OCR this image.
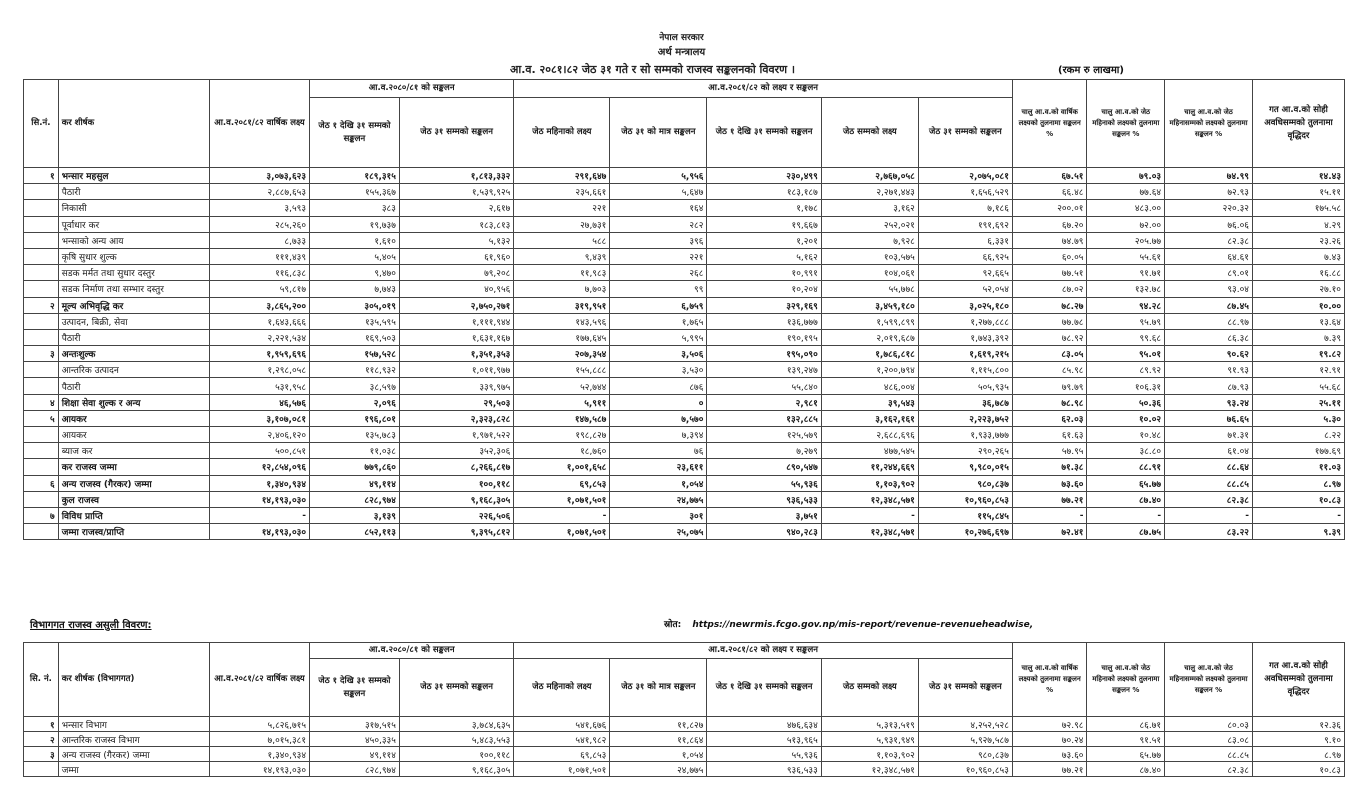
नेपाल सरकार
अर्थ मन्त्रालय
आ.व. २०८१।८२ जेठ ३१ गते र सो सम्मको राजस्व सङ्कलनको विवरण ।	(रकम रु लाखमा)
सि.नं.	कर शीर्षक	आ.व.२०८१/८२ वार्षिक लक्ष्य	आ.व.२०८०/८१ को सङ्कलन		आ.व.२०८१/८२ को लक्ष्य र सङ्कलन					चालु आ.व.को वार्षिक लक्ष्यको तुलनामा सङ्कलन %	चालु आ.व.को जेठ महिनाको लक्ष्यको तुलनामा सङ्कलन %	चालु आ.व.को जेठ महिनासम्मको लक्ष्यको तुलनामा सङ्कलन %	गत आ.व.को सोही अवधिसम्मको तुलनामा वृद्धिदर
			जेठ १ देखि ३१ सम्मको सङ्कलन	जेठ ३१ सम्मको सङ्कलन	जेठ महिनाको लक्ष्य	जेठ ३१ को मात्र सङ्कलन	जेठ १ देखि ३१ सम्मको सङ्कलन	जेठ सम्मको लक्ष्य	जेठ ३१ सम्मको सङ्कलन				
१	भन्सार महसुल	३,०७३,६२३	१८९,३१५	१,८१३,३३२	२९१,६४७	५,९५६	२३०,४९९	२,७६७,०५८	२,०७५,०८१	६७.५१	७९.०३	७४.९९	१४.४३
	पैठारी	२,८८७,६५३	१५५,३६७	१,५३९,९२५	२३५,६६१	५,६४७	१८३,१८७	२,२७१,४४३	१,६५६,५२९	६६.४८	७७.६४	७२.९३	१५.११
	निकासी	३,५९३	३८३	२,६१७	२२१	१६४	१,१७८	३,१६२	७,१८६	२००.०१	४८३.००	२२०.३२	१७५.५८
	पूर्वाधार कर	२८५,२६०	१९,७३७	१८३,८१३	२७,७३१	२८२	१९,६६७	२५२,०२१	१९१,६९२	६७.२०	७२.००	७६.०६	४.२९
	भन्साको अन्य आय	८,७३३	१,६१०	५,१३२	५८८	३९६	१,२०१	७,९२८	६,३३१	७४.७९	२०५.७७	८२.३८	२३.२६
	कृषि सुधार शुल्क	१११,४३९	५,४०५	६१,९६०	९,४३९	२२१	५,१६२	१०३,५७५	६६,९२५	६०.०५	५५.६१	६४.६१	७.४३
	सडक मर्मत तथा सुधार दस्तुर	११६,८३८	९,४७०	७९,२०८	११,९८३	२६८	१०,९९१	१०४,०६१	९२,६६५	७७.५१	९१.७१	८९.०१	१६.८८
	सडक निर्माण तथा सम्भार दस्तुर	५९,८१७	७,७४३	४०,९५६	७,७०३	९९	१०,२०४	५५,७७८	५२,०५४	८७.०२	१३२.७८	९३.०४	२७.१०
२	मूल्य अभिवृद्धि कर	३,८६५,२००	३०५,०१९	२,७५०,२७१	३१९,९५१	६,७५९	३२९,१६९	३,४५९,१८०	३,०२५,१८०	७८.२७	९४.२८	८७.४५	१०.००
	उत्पादन, बिक्री, सेवा	१,६४३,६६६	१३५,५९५	१,१११,९४४	१४३,५९६	१,७६५	१३६,७७७	१,५९९,८९९	१,२७७,८८८	७७.७८	९५.७९	८८.९७	१३.६४
	पैठारी	२,२२१,५३४	१६९,५०३	१,६३१,१६७	१७७,६४५	५,९९५	१९०,१९५	२,०१९,६८७	१,७४३,३९२	७८.९२	९९.६८	८६.३८	७.३९
३	अन्तःशुल्क	१,९५९,६९६	१५७,५२८	१,३५१,३५३	२०७,३५४	३,५०६	१९५,०९०	१,७८६,८१८	१,६१९,२१५	८३.०५	९५.०१	९०.६२	१९.८२
	आन्तरिक उत्पादन	१,२९८,०५८	११८,९३२	१,०११,९७७	१५५,८८८	३,५३०	१३९,२४७	१,२००,७९४	१,११५,८००	८५.९८	८९.९२	९१.९३	१२.९१
	पैठारी	५३१,९५८	३८,५९७	३३९,९७५	५२,७४४	८७६	५५,८४०	४८६,००४	५०५,९३५	७९.७९	१०६.३१	८७.९३	५५.६८
४	शिक्षा सेवा शुल्क र अन्य	४६,५७६	२,०९६	२९,५०३	५,९११	०	२,९८१	३९,५४३	३६,७८७	७८.९८	५०.३६	९३.२४	२५.११
५	आयकर	३,१०७,०८१	१९६,८०१	२,३२३,८२८	१४७,५८७	७,५७०	१३२,८८५	३,१६२,१६१	२,२२३,७५२	६२.०३	१०.०२	७६.६५	५.३०
	आयकर	२,४०६,१२०	१३५,७८३	१,९७१,५२२	१९८,८२७	७,३९४	१२५,५७९	२,६८८,६९६	१,९३३,७७७	६१.६३	१०.४८	७१.३१	८.२२
	ब्याज कर	५००,८५१	११,०३८	३५२,३०६	१८,७६०	७६	७,२७९	४७७,५४५	२९०,२६५	५७.९५	३८.८०	६१.०४	१७७.६९
	कर राजस्व जम्मा	१२,८५४,०९६	७७९,८६०	८,२६६,८१७	१,००१,६५८	२३,६११	८९०,५४७	११,२४४,६६९	९,९८०,०१५	७१.३८	८८.९१	८८.६४	११.०३
६	अन्य राजस्व (गैरकर) जम्मा	१,३४०,९३४	४९,११४	१००,११८	६९,८५३	१,०५४	५५,९३६	१,१०३,९०२	९८०,८३७	७३.६०	६५.७७	८८.८५	८.९७
	कुल राजस्व	१४,१९३,०३०	८२८,९७४	९,१६८,३०५	१,०७१,५०१	२४,७७५	९३६,५३३	१२,३४८,५७१	१०,९६०,८५३	७७.२१	८७.४०	८२.३८	१०.८३
७	विविध प्राप्ति	-	३,१३९	२२६,५०६	-	३०१	३,७५१	-	११५,८४५	-	-	-	-
	जम्मा राजस्व/प्राप्ति	१४,१९३,०३०	८५२,११३	९,३९५,८१२	१,०७१,५०१	२५,०७५	९४०,२८३	१२,३४८,५७१	१०,२७६,६९७	७२.४१	८७.७५	८३.२२	९.३९
विभागगत राजस्व असुली विवरण:	स्रोत: https://newrmis.fcgo.gov.np/mis-report/revenue-revenueheadwise,
सि. नं.	कर शीर्षक (विभागगत)	आ.व.२०८१/८२ वार्षिक लक्ष्य	आ.व.२०८०/८१ को सङ्कलन		आ.व.२०८१/८२ को लक्ष्य र सङ्कलन					चालु आ.व.को वार्षिक लक्ष्यको तुलनामा सङ्कलन %	चालु आ.व.को जेठ महिनाको लक्ष्यको तुलनामा सङ्कलन %	चालु आ.व.को जेठ महिनासम्मको लक्ष्यको तुलनामा सङ्कलन %	गत आ.व.को सोही अवधिसम्मको तुलनामा वृद्धिदर
			जेठ १ देखि ३१ सम्मको सङ्कलन	जेठ ३१ सम्मको सङ्कलन	जेठ महिनाको लक्ष्य	जेठ ३१ को मात्र सङ्कलन	जेठ १ देखि ३१ सम्मको सङ्कलन	जेठ सम्मको लक्ष्य	जेठ ३१ सम्मको सङ्कलन				
१	भन्सार विभाग	५,८२६,७१५	३१७,५१५	३,७८४,६३५	५४१,६७६	११,८२७	४७६,६३४	५,३१३,५१९	४,२५२,५२८	७२.९८	८६.७१	८०.०३	१२.३६
२	आन्तरिक राजस्व विभाग	७,०१५,३८१	४५०,३३५	५,४८३,५५३	५४१,९८२	११,८६४	५१३,९६५	५,९३१,९४९	५,९२७,५८७	७०.२४	९१.५१	८३.०८	९.१०
३	अन्य राजस्व (गैरकर) जम्मा	१,३४०,९३४	४९,११४	१००,११८	६९,८५३	१,०५४	५५,९३६	१,१०३,९०२	९८०,८३७	७३.६०	६५.७७	८८.८५	८.९७
	जम्मा	१४,१९३,०३०	८२८,९७४	९,१६८,३०५	१,०७१,५०१	२४,७७५	९३६,५३३	१२,३४८,५७१	१०,९६०,८५३	७७.२१	८७.४०	८२.३८	१०.८३
